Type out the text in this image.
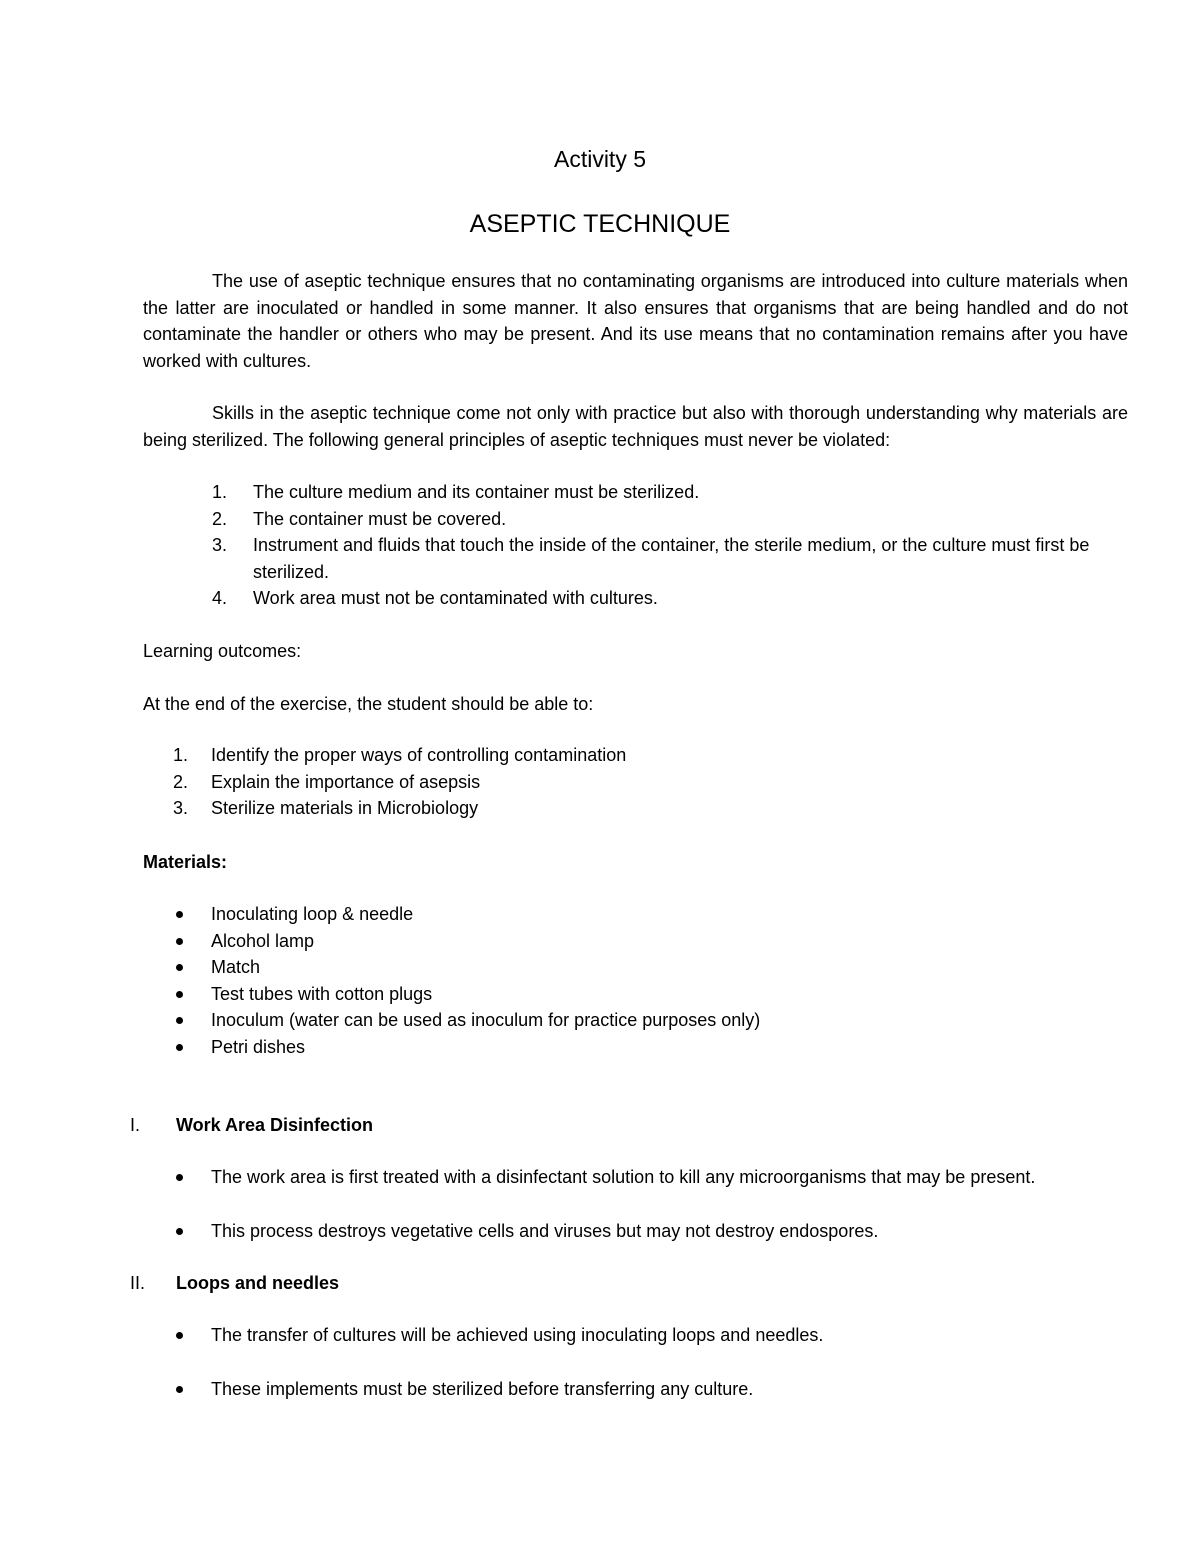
Activity 5
ASEPTIC TECHNIQUE

The use of aseptic technique ensures that no contaminating organisms are introduced into culture materials when the latter are inoculated or handled in some manner. It also ensures that organisms that are being handled and do not contaminate the handler or others who may be present. And its use means that no contamination remains after you have worked with cultures.

Skills in the aseptic technique come not only with practice but also with thorough understanding why materials are being sterilized. The following general principles of aseptic techniques must never be violated:

1.	The culture medium and its container must be sterilized.
2.	The container must be covered.
3.	Instrument and fluids that touch the inside of the container, the sterile medium, or the culture must first be sterilized.
4.	Work area must not be contaminated with cultures.
Learning outcomes:
At the end of the exercise, the student should be able to:
1.	Identify the proper ways of controlling contamination
2.	Explain the importance of asepsis
3.	Sterilize materials in Microbiology
Materials:
Inoculating loop & needle
Alcohol lamp
Match
Test tubes with cotton plugs
Inoculum (water can be used as inoculum for practice purposes only)
Petri dishes
I. Work Area Disinfection
The work area is first treated with a disinfectant solution to kill any microorganisms that may be present.
This process destroys vegetative cells and viruses but may not destroy endospores.
II. Loops and needles
The transfer of cultures will be achieved using inoculating loops and needles.
These implements must be sterilized before transferring any culture.
